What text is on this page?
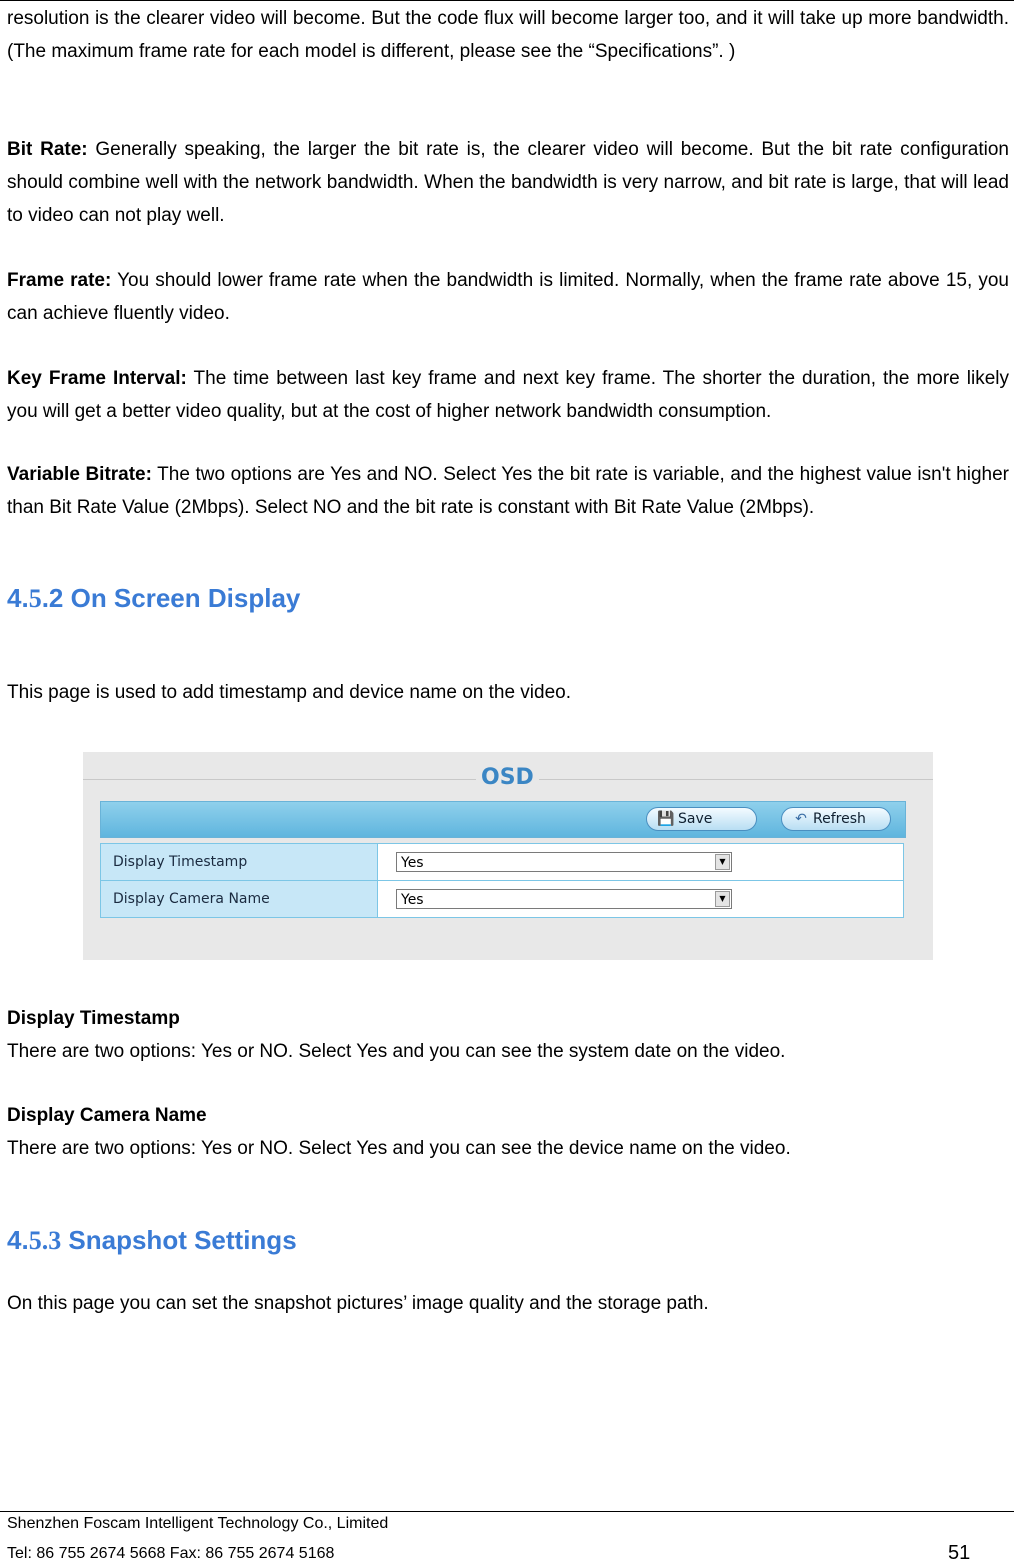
resolution is the clearer video will become. But the code flux will become larger too, and it will take up more bandwidth. (The maximum frame rate for each model is different, please see the “Specifications”. )

Bit Rate: Generally speaking, the larger the bit rate is, the clearer video will become. But the bit rate configuration should combine well with the network bandwidth. When the bandwidth is very narrow, and bit rate is large, that will lead to video can not play well.

Frame rate: You should lower frame rate when the bandwidth is limited. Normally, when the frame rate above 15, you can achieve fluently video.

Key Frame Interval: The time between last key frame and next key frame. The shorter the duration, the more likely you will get a better video quality, but at the cost of higher network bandwidth consumption.

Variable Bitrate: The two options are Yes and NO. Select Yes the bit rate is variable, and the highest value isn't higher than Bit Rate Value (2Mbps). Select NO and the bit rate is constant with Bit Rate Value (2Mbps).

4.5.2 On Screen Display

This page is used to add timestamp and device name on the video.

OSD
💾 Save	↶ Refresh
Display Timestamp	Yes ▼

Display Camera Name	Yes ▼

Display Timestamp

There are two options: Yes or NO. Select Yes and you can see the system date on the video.

Display Camera Name

There are two options: Yes or NO. Select Yes and you can see the device name on the video.

4.5.3 Snapshot Settings

On this page you can set the snapshot pictures’ image quality and the storage path.

Shenzhen Foscam Intelligent Technology Co., Limited

Tel: 86 755 2674 5668 Fax: 86 755 2674 5168	51
